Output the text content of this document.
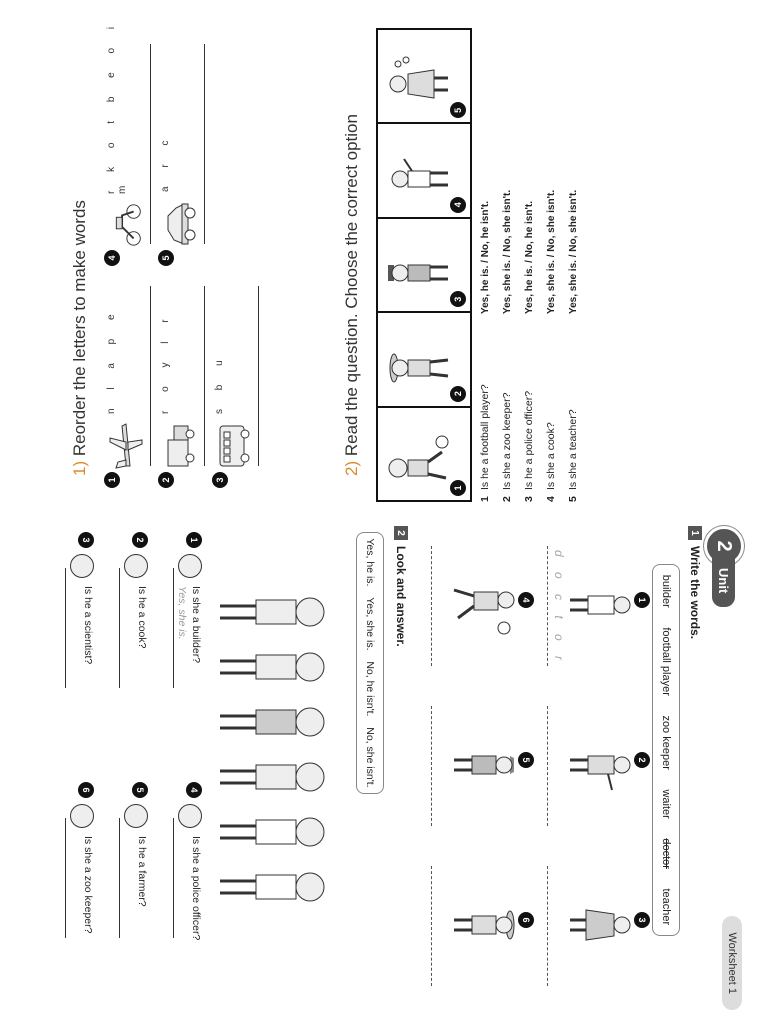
1) Reorder the letters to make words
1
n l a p e
2
r o y l r
3
s b u
4
r k o t b e o i m
5
a r c
2) Read the question. Choose the correct option
1
2
3
4
5
1
Is he a football player?
Yes, he is. / No, he isn't.
2
Is she a zoo keeper?
Yes, she is. / No, she isn't.
3
Is he a police officer?
Yes, he is. / No, he isn't.
4
Is she a cook?
Yes, she is. / No, she isn't.
5
Is she a teacher?
Yes, she is. / No, she isn't.
2
Unit
Worksheet 1
1
Write the words.
builder
football player
zoo keeper
waiter
doctor
teacher
1
d o c t o r
2
3
4
5
6
2
Look and answer.
Yes, he is.
Yes, she is.
No, he isn't.
No, she isn't.
1
Is she a builder?
Yes, she is.
2
Is he a cook?
3
Is he a scientist?
4
Is she a police officer?
5
Is he a farmer?
6
Is she a zoo keeper?
